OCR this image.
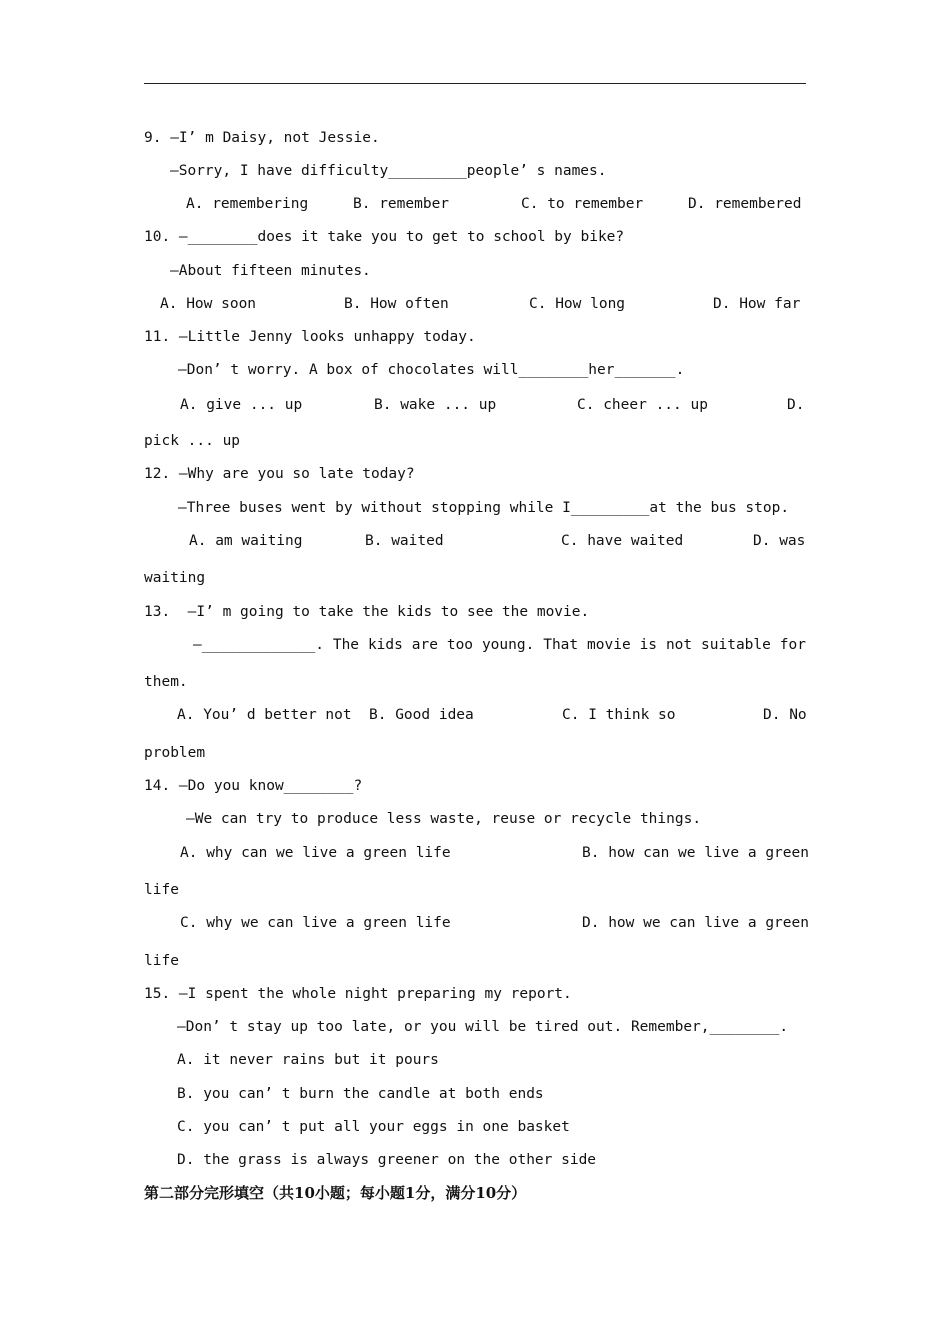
9. —I’ m Daisy, not Jessie.
—Sorry, I have difficulty_________people’ s names.
A. remembering	B. remember	C. to remember	D. remembered
10. —________does it take you to get to school by bike?
—About fifteen minutes.
A. How soon	B. How often	C. How long	D. How far
11. —Little Jenny looks unhappy today.
—Don’ t worry. A box of chocolates will________her_______.
A. give ... up	B. wake ... up	C. cheer ... up	D.
pick ... up
12. —Why are you so late today?
—Three buses went by without stopping while I_________at the bus stop.
A. am waiting	B. waited	C. have waited	D. was
waiting
13.  —I’ m going to take the kids to see the movie.
—_____________. The kids are too young. That movie is not suitable for
them.
A. You’ d better not B. Good idea	C. I think so	D. No
problem
14. —Do you know________?
—We can try to produce less waste, reuse or recycle things.
A. why can we live a green life	B. how can we live a green
life
C. why we can live a green life	D. how we can live a green
life
15. —I spent the whole night preparing my report.
—Don’ t stay up too late, or you will be tired out. Remember,________.
A. it never rains but it pours
B. you can’ t burn the candle at both ends
C. you can’ t put all your eggs in one basket
D. the grass is always greener on the other side
第二部分完形填空（共10小题；每小题1分，满分10分）
